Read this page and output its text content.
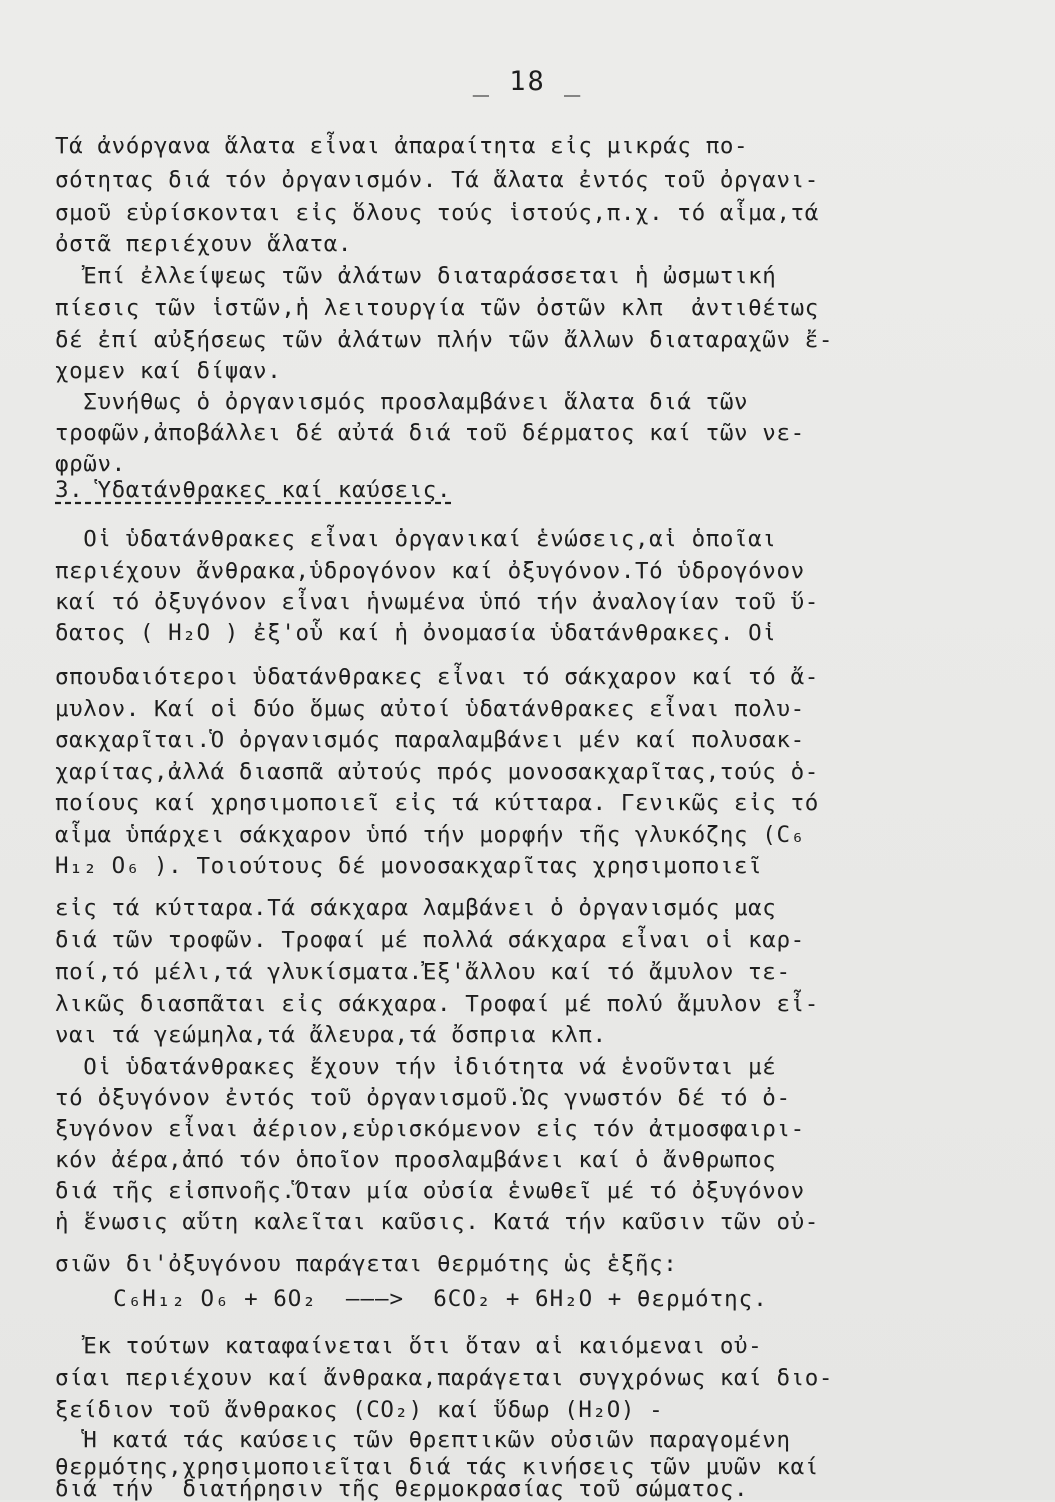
_ 18 _
Τά ἀνόργανα ἅλατα εἶναι ἀπαραίτητα εἰς μικράς πο-
σότητας διά τόν ὀργανισμόν. Τά ἅλατα ἐντός τοῦ ὀργανι-
σμοῦ εὑρίσκονται εἰς ὅλους τούς ἱστούς,π.χ. τό αἷμα,τά
ὀστᾶ περιέχουν ἅλατα.
Ἐπί ἐλλείψεως τῶν ἀλάτων διαταράσσεται ἡ ὠσμωτική
πίεσις τῶν ἱστῶν,ἡ λειτουργία τῶν ὀστῶν κλπ  ἀντιθέτως
δέ ἐπί αὐξήσεως τῶν ἀλάτων πλήν τῶν ἄλλων διαταραχῶν ἔ-
χομεν καί δίψαν.
Συνήθως ὁ ὀργανισμός προσλαμβάνει ἅλατα διά τῶν
τροφῶν,ἀποβάλλει δέ αὐτά διά τοῦ δέρματος καί τῶν νε-
φρῶν.
3. Ὑδατάνθρακες καί καύσεις.
Οἱ ὑδατάνθρακες εἶναι ὀργανικαί ἑνώσεις,αἱ ὁποῖαι
περιέχουν ἄνθρακα,ὑδρογόνον καί ὀξυγόνον.Τό ὑδρογόνον
καί τό ὀξυγόνον εἶναι ἡνωμένα ὑπό τήν ἀναλογίαν τοῦ ὕ-
δατος ( H₂O ) ἐξ'οὗ καί ἡ ὀνομασία ὑδατάνθρακες. Οἱ
σπουδαιότεροι ὑδατάνθρακες εἶναι τό σάκχαρον καί τό ἄ-
μυλον. Καί οἱ δύο ὅμως αὐτοί ὑδατάνθρακες εἶναι πολυ-
σακχαρῖται.Ὁ ὀργανισμός παραλαμβάνει μέν καί πολυσακ-
χαρίτας,ἀλλά διασπᾶ αὐτούς πρός μονοσακχαρῖτας,τούς ὁ-
ποίους καί χρησιμοποιεῖ εἰς τά κύτταρα. Γενικῶς εἰς τό
αἷμα ὑπάρχει σάκχαρον ὑπό τήν μορφήν τῆς γλυκόζης (C₆
H₁₂ O₆ ). Τοιούτους δέ μονοσακχαρῖτας χρησιμοποιεῖ
εἰς τά κύτταρα.Τά σάκχαρα λαμβάνει ὁ ὀργανισμός μας
διά τῶν τροφῶν. Τροφαί μέ πολλά σάκχαρα εἶναι οἱ καρ-
ποί,τό μέλι,τά γλυκίσματα.Ἐξ'ἄλλου καί τό ἄμυλον τε-
λικῶς διασπᾶται εἰς σάκχαρα. Τροφαί μέ πολύ ἄμυλον εἶ-
ναι τά γεώμηλα,τά ἄλευρα,τά ὄσπρια κλπ.
Οἱ ὑδατάνθρακες ἔχουν τήν ἰδιότητα νά ἑνοῦνται μέ
τό ὀξυγόνον ἐντός τοῦ ὀργανισμοῦ.Ὡς γνωστόν δέ τό ὀ-
ξυγόνον εἶναι ἀέριον,εὑρισκόμενον εἰς τόν ἀτμοσφαιρι-
κόν ἀέρα,ἀπό τόν ὁποῖον προσλαμβάνει καί ὁ ἄνθρωπος
διά τῆς εἰσπνοῆς.Ὅταν μία οὐσία ἑνωθεῖ μέ τό ὀξυγόνον
ἡ ἕνωσις αὕτη καλεῖται καῦσις. Κατά τήν καῦσιν τῶν οὐ-
σιῶν δι'ὀξυγόνου παράγεται θερμότης ὡς ἑξῆς:
C₆H₁₂ O₆ + 6O₂  ———>  6CO₂ + 6H₂O + θερμότης.
Ἐκ τούτων καταφαίνεται ὅτι ὅταν αἱ καιόμεναι οὐ-
σίαι περιέχουν καί ἄνθρακα,παράγεται συγχρόνως καί διο-
ξείδιον τοῦ ἄνθρακος (CO₂) καί ὕδωρ (H₂O) -
Ἡ κατά τάς καύσεις τῶν θρεπτικῶν οὐσιῶν παραγομένη
θερμότης,χρησιμοποιεῖται διά τάς κινήσεις τῶν μυῶν καί
διά τήν  διατήρησιν τῆς θερμοκρασίας τοῦ σώματος.
